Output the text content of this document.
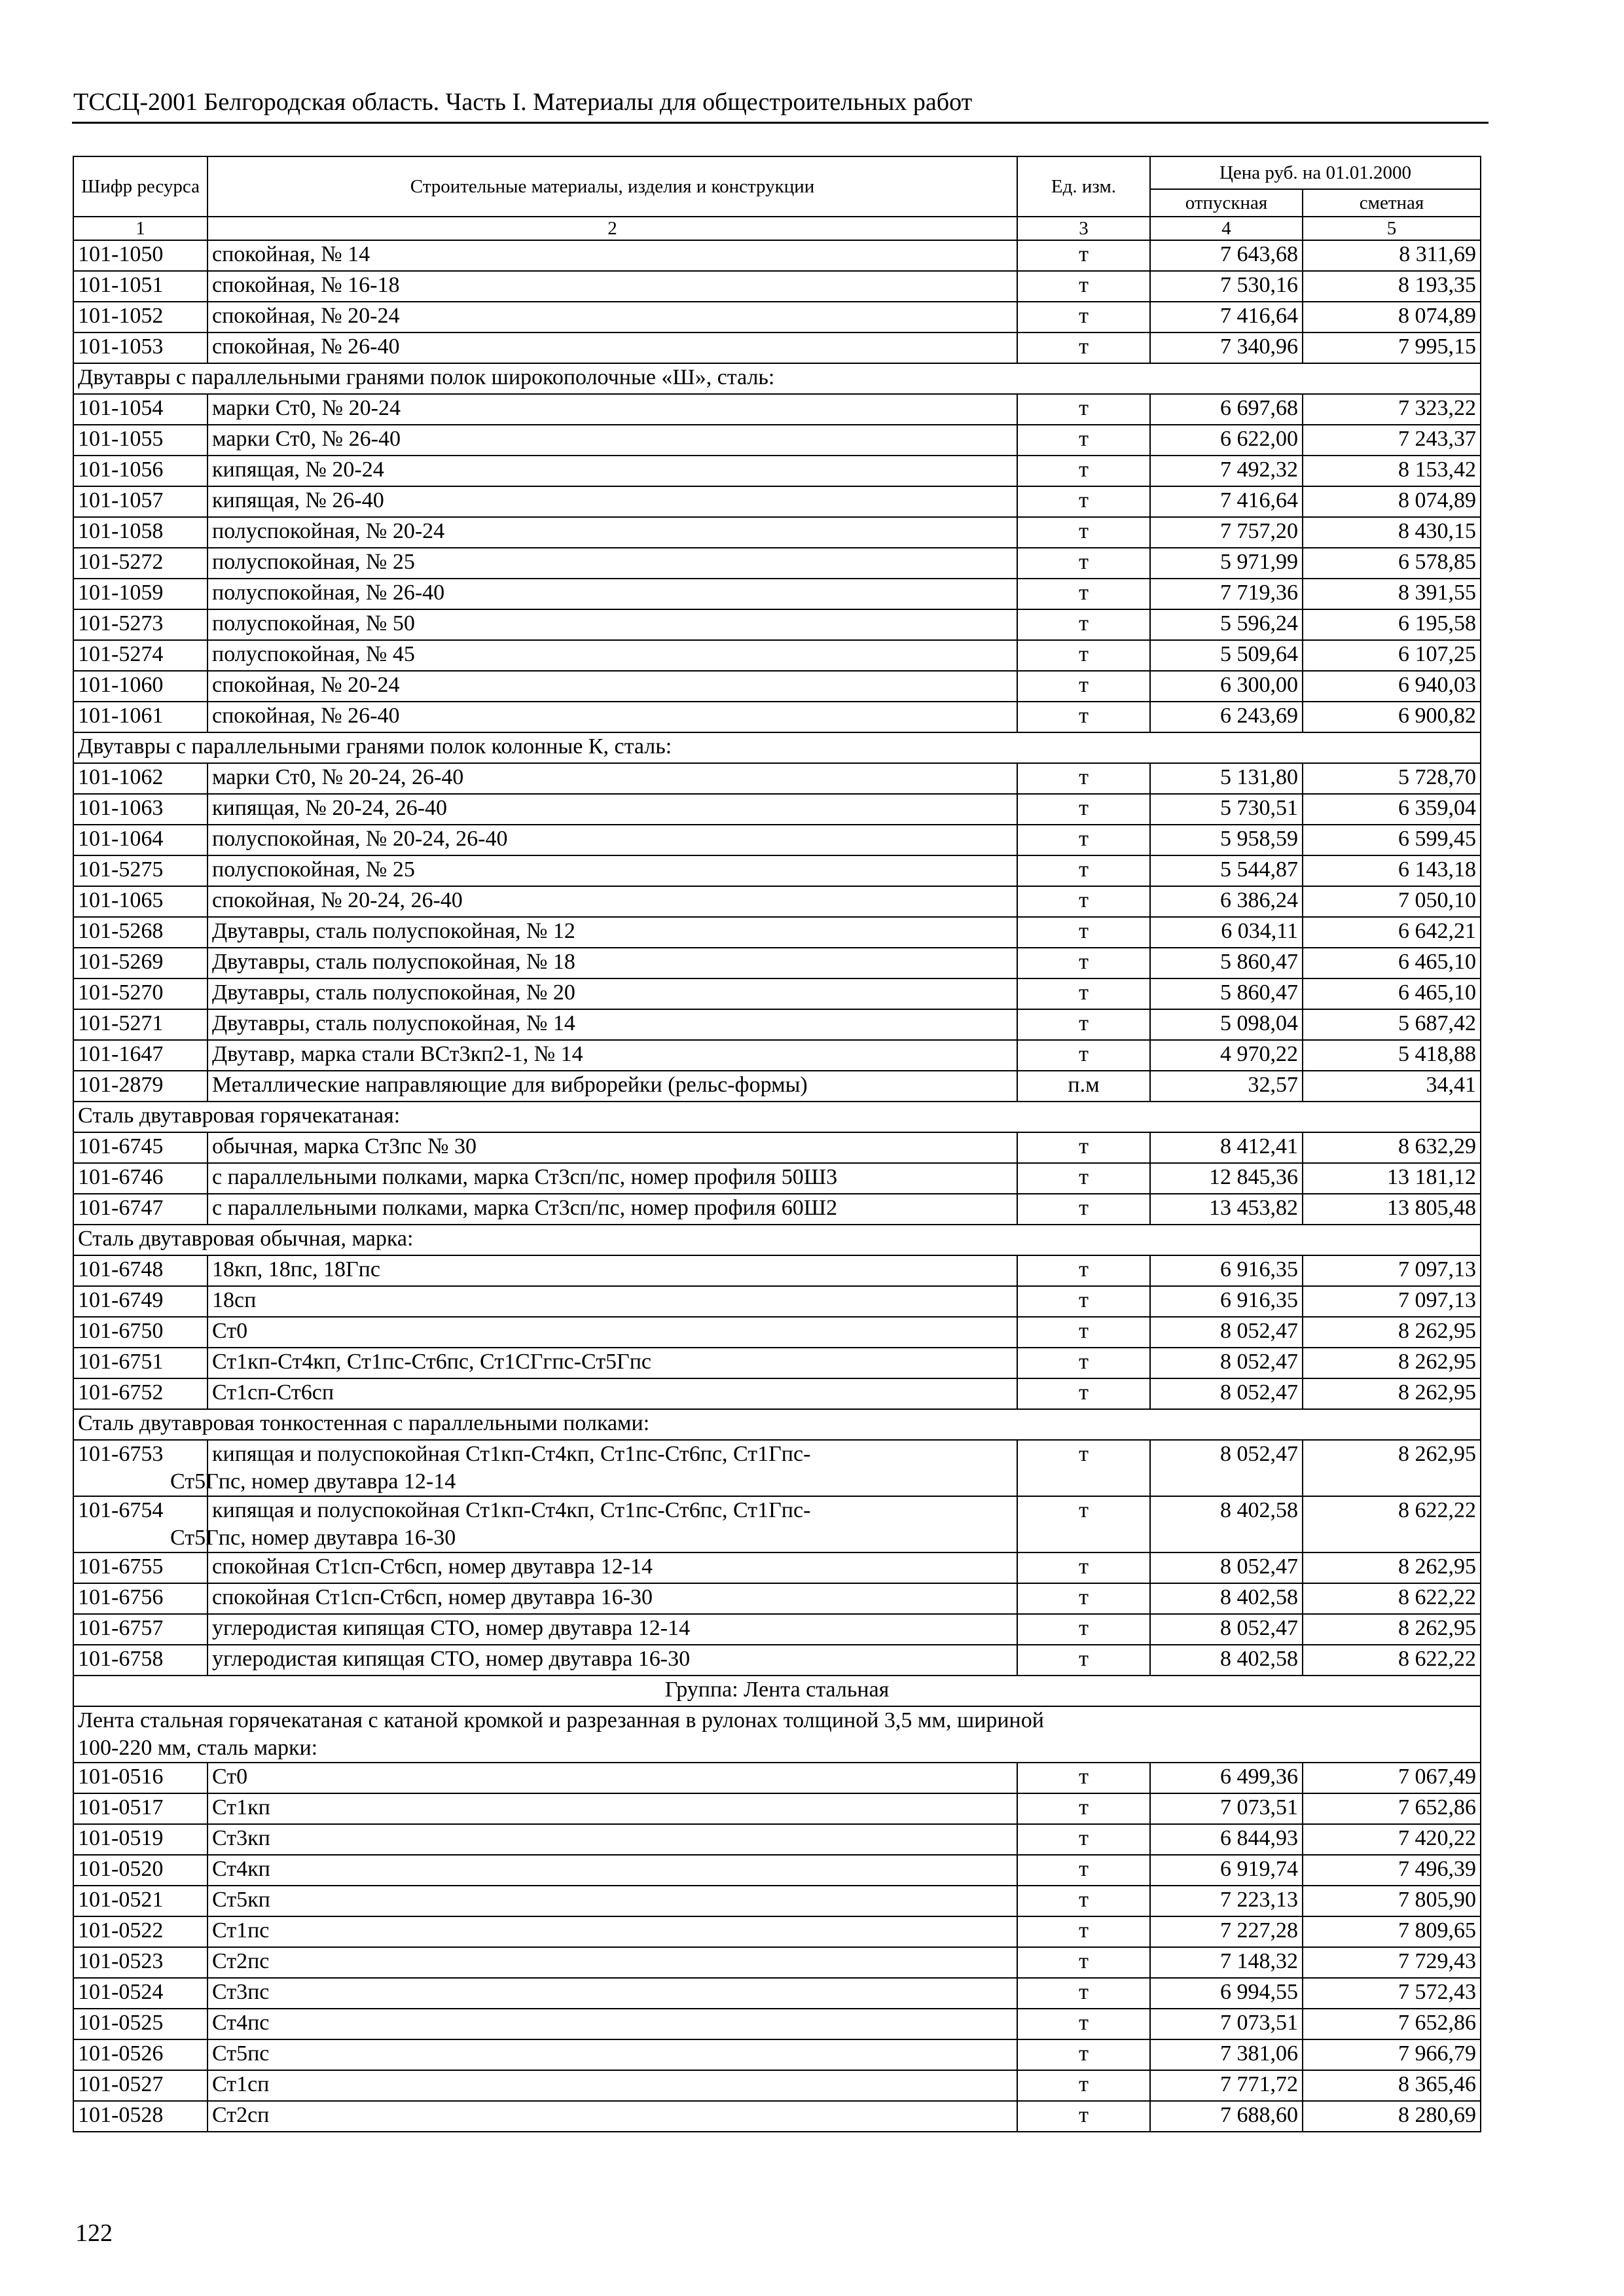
ТССЦ-2001 Белгородская область. Часть I. Материалы для общестроительных работ
Шифр ресурса	Строительные материалы, изделия и конструкции	Ед. изм.	Цена руб. на 01.01.2000	
			отпускная	сметная
1	2	3	4	5
101-1050	спокойная, № 14	т	7 643,68	8 311,69
101-1051	спокойная, № 16-18	т	7 530,16	8 193,35
101-1052	спокойная, № 20-24	т	7 416,64	8 074,89
101-1053	спокойная, № 26-40	т	7 340,96	7 995,15

Двутавры с параллельными гранями полок широкополочные «Ш», сталь:				

101-1054	марки Ст0, № 20-24	т	6 697,68	7 323,22
101-1055	марки Ст0, № 26-40	т	6 622,00	7 243,37
101-1056	кипящая, № 20-24	т	7 492,32	8 153,42
101-1057	кипящая, № 26-40	т	7 416,64	8 074,89
101-1058	полуспокойная, № 20-24	т	7 757,20	8 430,15
101-5272	полуспокойная, № 25	т	5 971,99	6 578,85
101-1059	полуспокойная, № 26-40	т	7 719,36	8 391,55
101-5273	полуспокойная, № 50	т	5 596,24	6 195,58
101-5274	полуспокойная, № 45	т	5 509,64	6 107,25
101-1060	спокойная, № 20-24	т	6 300,00	6 940,03
101-1061	спокойная, № 26-40	т	6 243,69	6 900,82

Двутавры с параллельными гранями полок колонные К, сталь:				

101-1062	марки Ст0, № 20-24, 26-40	т	5 131,80	5 728,70
101-1063	кипящая, № 20-24, 26-40	т	5 730,51	6 359,04
101-1064	полуспокойная, № 20-24, 26-40	т	5 958,59	6 599,45
101-5275	полуспокойная, № 25	т	5 544,87	6 143,18
101-1065	спокойная, № 20-24, 26-40	т	6 386,24	7 050,10
101-5268	Двутавры, сталь полуспокойная, № 12	т	6 034,11	6 642,21
101-5269	Двутавры, сталь полуспокойная, № 18	т	5 860,47	6 465,10
101-5270	Двутавры, сталь полуспокойная, № 20	т	5 860,47	6 465,10
101-5271	Двутавры, сталь полуспокойная, № 14	т	5 098,04	5 687,42
101-1647	Двутавр, марка стали ВСт3кп2-1, № 14	т	4 970,22	5 418,88
101-2879	Металлические направляющие для виброрейки (рельс-формы)	п.м	32,57	34,41

Сталь двутавровая горячекатаная:				

101-6745	обычная, марка Ст3пс № 30	т	8 412,41	8 632,29
101-6746	с параллельными полками, марка Ст3сп/пс, номер профиля 50Ш3	т	12 845,36	13 181,12
101-6747	с параллельными полками, марка Ст3сп/пс, номер профиля 60Ш2	т	13 453,82	13 805,48

Сталь двутавровая обычная, марка:				

101-6748	18кп, 18пс, 18Гпс	т	6 916,35	7 097,13
101-6749	18сп	т	6 916,35	7 097,13
101-6750	Ст0	т	8 052,47	8 262,95
101-6751	Ст1кп-Ст4кп, Ст1пс-Ст6пс, Ст1СГгпс-Ст5Гпс	т	8 052,47	8 262,95
101-6752	Ст1сп-Ст6сп	т	8 052,47	8 262,95

Сталь двутавровая тонкостенная с параллельными полками:				

101-6753	кипящая и полуспокойная Ст1кп-Ст4кп, Ст1пс-Ст6пс, Ст1Гпс-
Ст5Гпс, номер двутавра 12-14	т	8 052,47	8 262,95
101-6754	кипящая и полуспокойная Ст1кп-Ст4кп, Ст1пс-Ст6пс, Ст1Гпс-
Ст5Гпс, номер двутавра 16-30	т	8 402,58	8 622,22
101-6755	спокойная Ст1сп-Ст6сп, номер двутавра 12-14	т	8 052,47	8 262,95
101-6756	спокойная Ст1сп-Ст6сп, номер двутавра 16-30	т	8 402,58	8 622,22
101-6757	углеродистая кипящая СТО, номер двутавра 12-14	т	8 052,47	8 262,95
101-6758	углеродистая кипящая СТО, номер двутавра 16-30	т	8 402,58	8 622,22
Группа: Лента стальная				

Лента стальная горячекатаная с катаной кромкой и разрезанная в рулонах толщиной 3,5 мм, шириной
100-220 мм, сталь марки:				

101-0516	Ст0	т	6 499,36	7 067,49
101-0517	Ст1кп	т	7 073,51	7 652,86
101-0519	Ст3кп	т	6 844,93	7 420,22
101-0520	Ст4кп	т	6 919,74	7 496,39
101-0521	Ст5кп	т	7 223,13	7 805,90
101-0522	Ст1пс	т	7 227,28	7 809,65
101-0523	Ст2пс	т	7 148,32	7 729,43
101-0524	Ст3пс	т	6 994,55	7 572,43
101-0525	Ст4пс	т	7 073,51	7 652,86
101-0526	Ст5пс	т	7 381,06	7 966,79
101-0527	Ст1сп	т	7 771,72	8 365,46
101-0528	Ст2сп	т	7 688,60	8 280,69
122
